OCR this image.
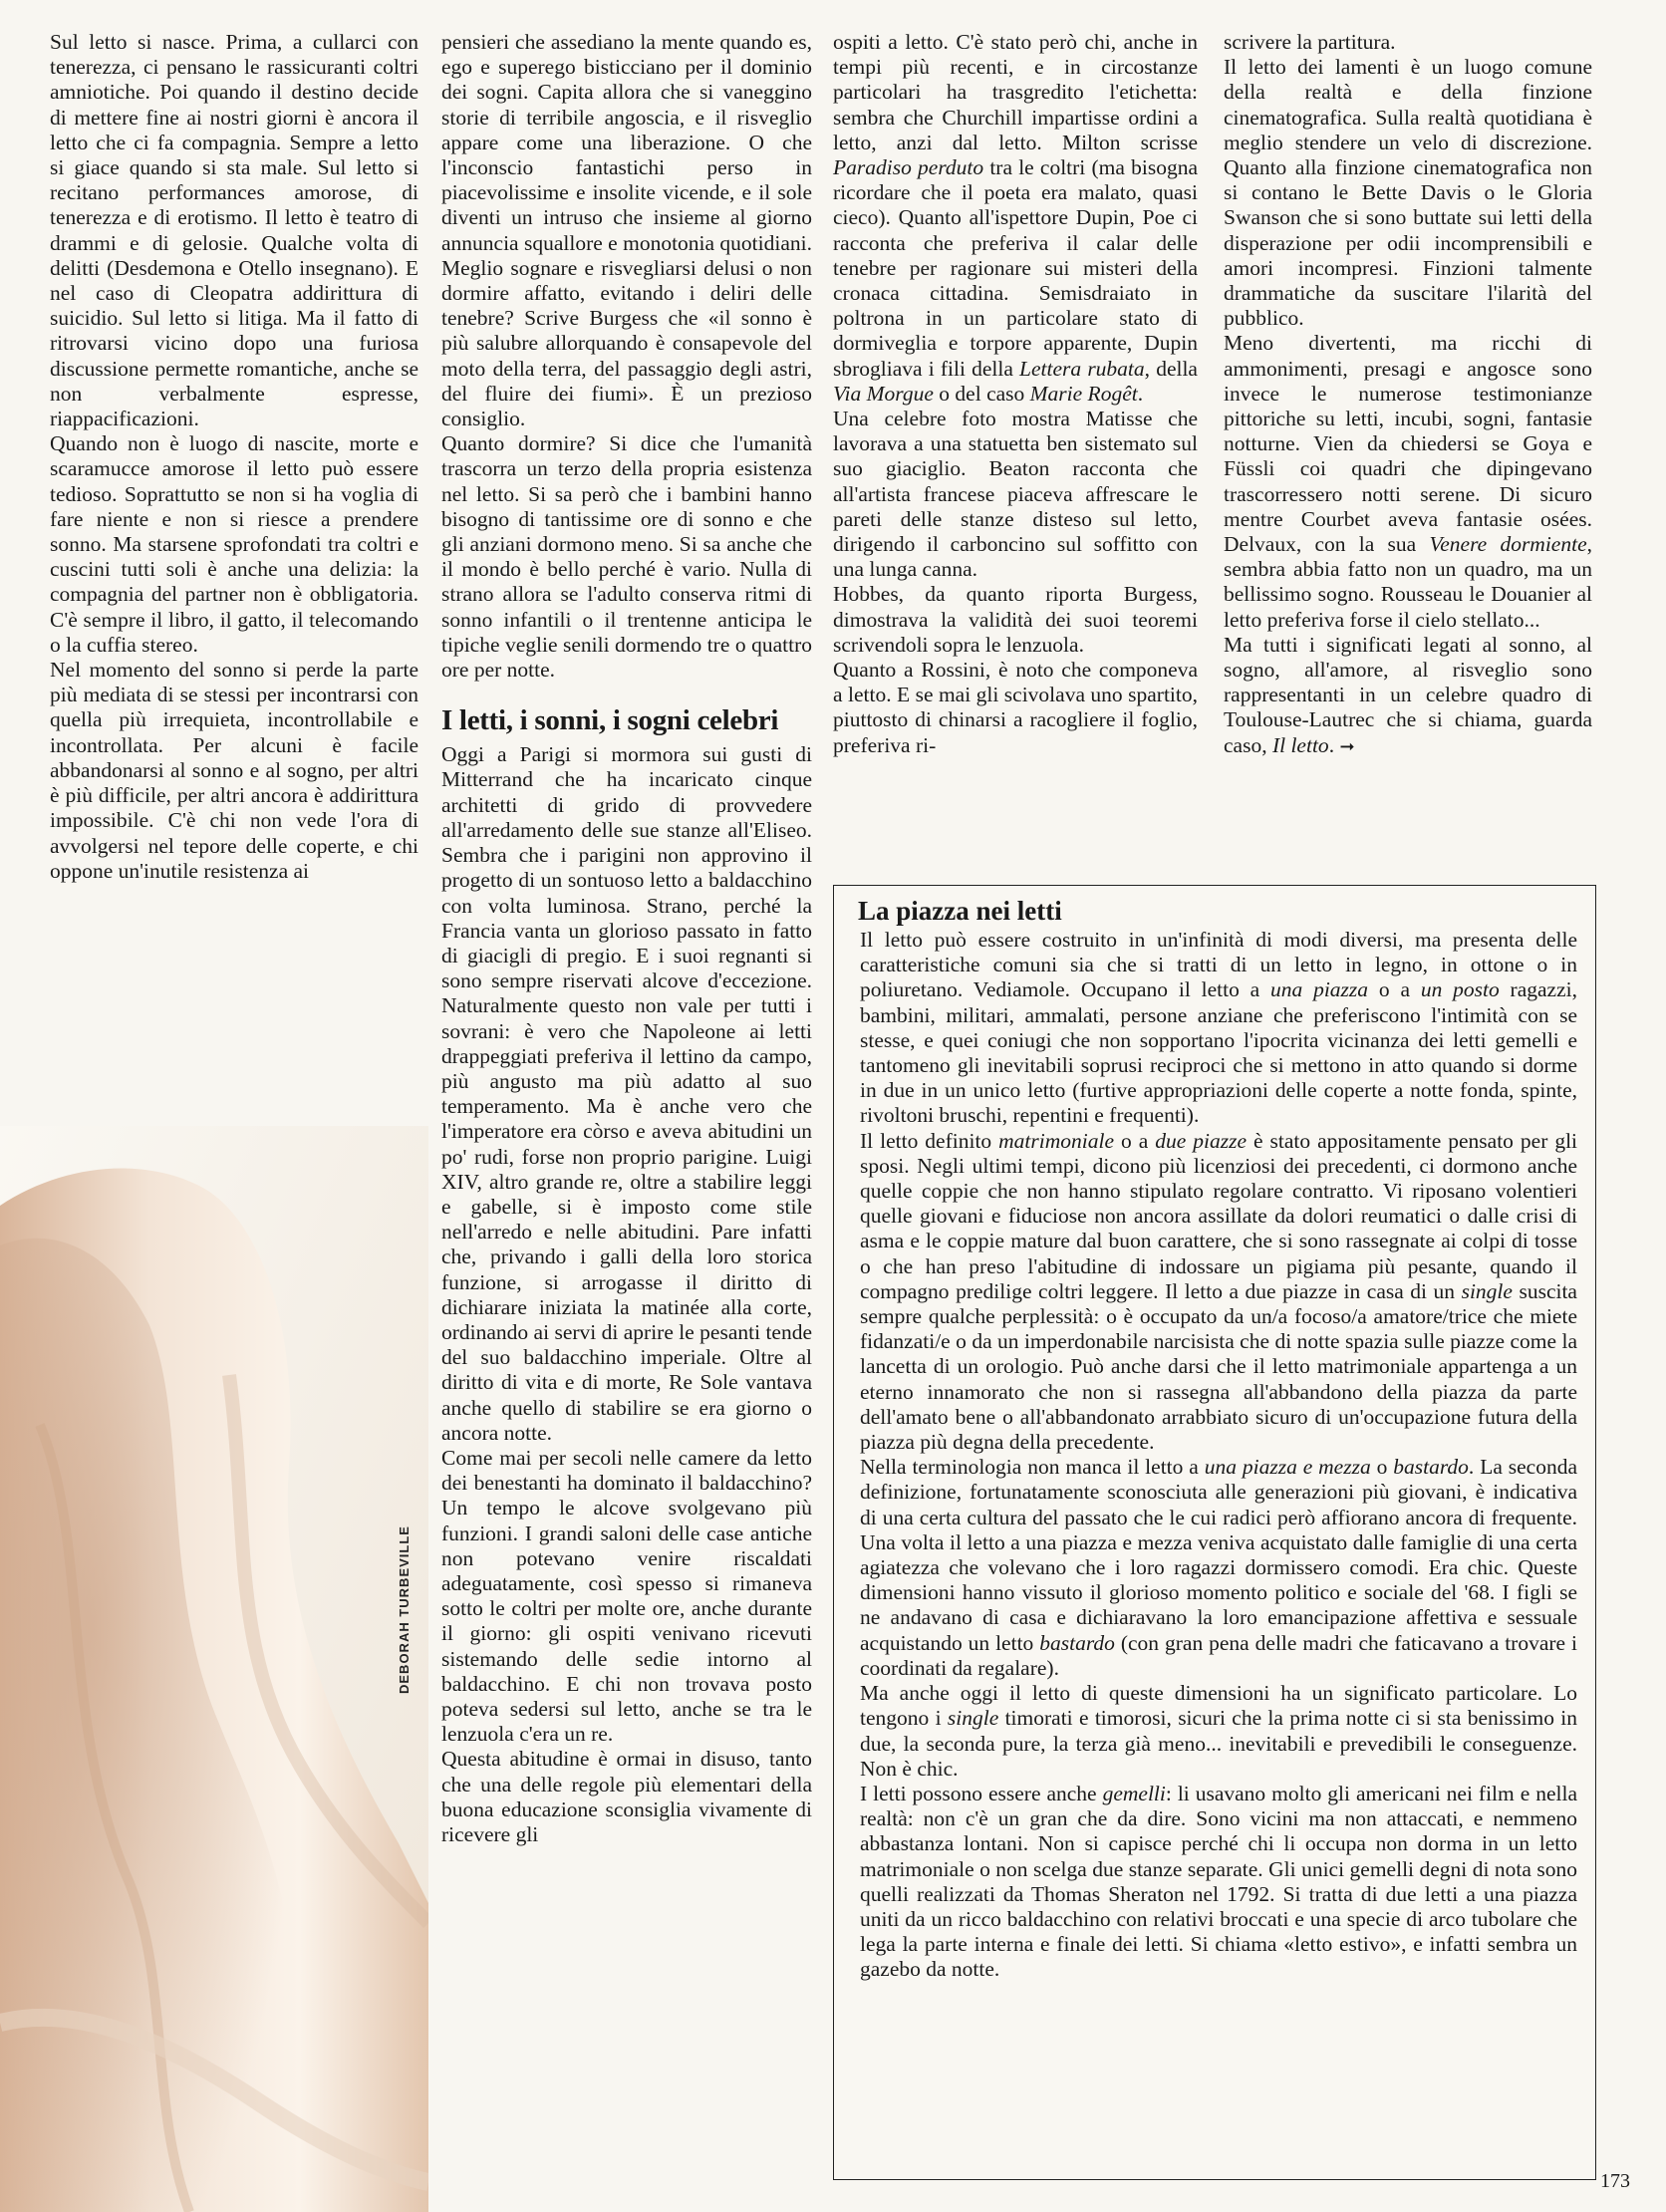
DEBORAH TURBEVILLE

Sul letto si nasce. Prima, a cullarci con tenerezza, ci pensano le rassicuranti coltri amniotiche. Poi quando il destino decide di mettere fine ai nostri giorni è ancora il letto che ci fa compagnia. Sempre a letto si giace quando si sta male. Sul letto si recitano performances amorose, di tenerezza e di erotismo. Il letto è teatro di drammi e di gelosie. Qualche volta di delitti (Desdemona e Otello insegnano). E nel caso di Cleopatra addirittura di suicidio. Sul letto si litiga. Ma il fatto di ritrovarsi vicino dopo una furiosa discussione permette romantiche, anche se non verbalmente espresse, riappacificazioni.

Quando non è luogo di nascite, morte e scaramucce amorose il letto può essere tedioso. Soprattutto se non si ha voglia di fare niente e non si riesce a prendere sonno. Ma starsene sprofondati tra coltri e cuscini tutti soli è anche una delizia: la compagnia del partner non è obbligatoria. C'è sempre il libro, il gatto, il telecomando o la cuffia stereo.

Nel momento del sonno si perde la parte più mediata di se stessi per incontrarsi con quella più irrequieta, incontrollabile e incontrollata. Per alcuni è facile abbandonarsi al sonno e al sogno, per altri è più difficile, per altri ancora è addirittura impossibile. C'è chi non vede l'ora di avvolgersi nel tepore delle coperte, e chi oppone un'inutile resistenza ai

pensieri che assediano la mente quando es, ego e superego bisticciano per il dominio dei sogni. Capita allora che si vaneggino storie di terribile angoscia, e il risveglio appare come una liberazione. O che l'inconscio fantastichi perso in piacevolissime e insolite vicende, e il sole diventi un intruso che insieme al giorno annuncia squallore e monotonia quotidiani. Meglio sognare e risvegliarsi delusi o non dormire affatto, evitando i deliri delle tenebre? Scrive Burgess che «il sonno è più salubre allorquando è consapevole del moto della terra, del passaggio degli astri, del fluire dei fiumi». È un prezioso consiglio.

Quanto dormire? Si dice che l'umanità trascorra un terzo della propria esistenza nel letto. Si sa però che i bambini hanno bisogno di tantissime ore di sonno e che gli anziani dormono meno. Si sa anche che il mondo è bello perché è vario. Nulla di strano allora se l'adulto conserva ritmi di sonno infantili o il trentenne anticipa le tipiche veglie senili dormendo tre o quattro ore per notte.

I letti, i sonni, i sogni celebri

Oggi a Parigi si mormora sui gusti di Mitterrand che ha incaricato cinque architetti di grido di provvedere all'arredamento delle sue stanze all'Eliseo. Sembra che i parigini non approvino il progetto di un sontuoso letto a baldacchino con volta luminosa. Strano, perché la Francia vanta un glorioso passato in fatto di giacigli di pregio. E i suoi regnanti si sono sempre riservati alcove d'eccezione. Naturalmente questo non vale per tutti i sovrani: è vero che Napoleone ai letti drappeggiati preferiva il lettino da campo, più angusto ma più adatto al suo temperamento. Ma è anche vero che l'imperatore era còrso e aveva abitudini un po' rudi, forse non proprio parigine. Luigi XIV, altro grande re, oltre a stabilire leggi e gabelle, si è imposto come stile nell'arredo e nelle abitudini. Pare infatti che, privando i galli della loro storica funzione, si arrogasse il diritto di dichiarare iniziata la matinée alla corte, ordinando ai servi di aprire le pesanti tende del suo baldacchino imperiale. Oltre al diritto di vita e di morte, Re Sole vantava anche quello di stabilire se era giorno o ancora notte.

Come mai per secoli nelle camere da letto dei benestanti ha dominato il baldacchino? Un tempo le alcove svolgevano più funzioni. I grandi saloni delle case antiche non potevano venire riscaldati adeguatamente, così spesso si rimaneva sotto le coltri per molte ore, anche durante il giorno: gli ospiti venivano ricevuti sistemando delle sedie intorno al baldacchino. E chi non trovava posto poteva sedersi sul letto, anche se tra le lenzuola c'era un re.

Questa abitudine è ormai in disuso, tanto che una delle regole più elementari della buona educazione sconsiglia vivamente di ricevere gli

ospiti a letto. C'è stato però chi, anche in tempi più recenti, e in circostanze particolari ha trasgredito l'etichetta: sembra che Churchill impartisse ordini a letto, anzi dal letto. Milton scrisse Paradiso perduto tra le coltri (ma bisogna ricordare che il poeta era malato, quasi cieco). Quanto all'ispettore Dupin, Poe ci racconta che preferiva il calar delle tenebre per ragionare sui misteri della cronaca cittadina. Semisdraiato in poltrona in un particolare stato di dormiveglia e torpore apparente, Dupin sbrogliava i fili della Lettera rubata, della Via Morgue o del caso Marie Rogêt.

Una celebre foto mostra Matisse che lavorava a una statuetta ben sistemato sul suo giaciglio. Beaton racconta che all'artista francese piaceva affrescare le pareti delle stanze disteso sul letto, dirigendo il carboncino sul soffitto con una lunga canna.

Hobbes, da quanto riporta Burgess, dimostrava la validità dei suoi teoremi scrivendoli sopra le lenzuola.

Quanto a Rossini, è noto che componeva a letto. E se mai gli scivolava uno spartito, piuttosto di chinarsi a racogliere il foglio, preferiva ri-

scrivere la partitura.

Il letto dei lamenti è un luogo comune della realtà e della finzione cinematografica. Sulla realtà quotidiana è meglio stendere un velo di discrezione. Quanto alla finzione cinematografica non si contano le Bette Davis o le Gloria Swanson che si sono buttate sui letti della disperazione per odii incomprensibili e amori incompresi. Finzioni talmente drammatiche da suscitare l'ilarità del pubblico.

Meno divertenti, ma ricchi di ammonimenti, presagi e angosce sono invece le numerose testimonianze pittoriche su letti, incubi, sogni, fantasie notturne. Vien da chiedersi se Goya e Füssli coi quadri che dipingevano trascorressero notti serene. Di sicuro mentre Courbet aveva fantasie osées. Delvaux, con la sua Venere dormiente, sembra abbia fatto non un quadro, ma un bellissimo sogno. Rousseau le Douanier al letto preferiva forse il cielo stellato...

Ma tutti i significati legati al sonno, al sogno, all'amore, al risveglio sono rappresentanti in un celebre quadro di Toulouse-Lautrec che si chiama, guarda caso, Il letto. ➞

La piazza nei letti

Il letto può essere costruito in un'infinità di modi diversi, ma presenta delle caratteristiche comuni sia che si tratti di un letto in legno, in ottone o in poliuretano. Vediamole. Occupano il letto a una piazza o a un posto ragazzi, bambini, militari, ammalati, persone anziane che preferiscono l'intimità con se stesse, e quei coniugi che non sopportano l'ipocrita vicinanza dei letti gemelli e tantomeno gli inevitabili soprusi reciproci che si mettono in atto quando si dorme in due in un unico letto (furtive appropriazioni delle coperte a notte fonda, spinte, rivoltoni bruschi, repentini e frequenti).

Il letto definito matrimoniale o a due piazze è stato appositamente pensato per gli sposi. Negli ultimi tempi, dicono più licenziosi dei precedenti, ci dormono anche quelle coppie che non hanno stipulato regolare contratto. Vi riposano volentieri quelle giovani e fiduciose non ancora assillate da dolori reumatici o dalle crisi di asma e le coppie mature dal buon carattere, che si sono rassegnate ai colpi di tosse o che han preso l'abitudine di indossare un pigiama più pesante, quando il compagno predilige coltri leggere. Il letto a due piazze in casa di un single suscita sempre qualche perplessità: o è occupato da un/a focoso/a amatore/trice che miete fidanzati/e o da un imperdonabile narcisista che di notte spazia sulle piazze come la lancetta di un orologio. Può anche darsi che il letto matrimoniale appartenga a un eterno innamorato che non si rassegna all'abbandono della piazza da parte dell'amato bene o all'abbandonato arrabbiato sicuro di un'occupazione futura della piazza più degna della precedente.

Nella terminologia non manca il letto a una piazza e mezza o bastardo. La seconda definizione, fortunatamente sconosciuta alle generazioni più giovani, è indicativa di una certa cultura del passato che le cui radici però affiorano ancora di frequente. Una volta il letto a una piazza e mezza veniva acquistato dalle famiglie di una certa agiatezza che volevano che i loro ragazzi dormissero comodi. Era chic. Queste dimensioni hanno vissuto il glorioso momento politico e sociale del '68. I figli se ne andavano di casa e dichiaravano la loro emancipazione affettiva e sessuale acquistando un letto bastardo (con gran pena delle madri che faticavano a trovare i coordinati da regalare).

Ma anche oggi il letto di queste dimensioni ha un significato particolare. Lo tengono i single timorati e timorosi, sicuri che la prima notte ci si sta benissimo in due, la seconda pure, la terza già meno... inevitabili e prevedibili le conseguenze. Non è chic.

I letti possono essere anche gemelli: li usavano molto gli americani nei film e nella realtà: non c'è un gran che da dire. Sono vicini ma non attaccati, e nemmeno abbastanza lontani. Non si capisce perché chi li occupa non dorma in un letto matrimoniale o non scelga due stanze separate. Gli unici gemelli degni di nota sono quelli realizzati da Thomas Sheraton nel 1792. Si tratta di due letti a una piazza uniti da un ricco baldacchino con relativi broccati e una specie di arco tubolare che lega la parte interna e finale dei letti. Si chiama «letto estivo», e infatti sembra un gazebo da notte.

173
